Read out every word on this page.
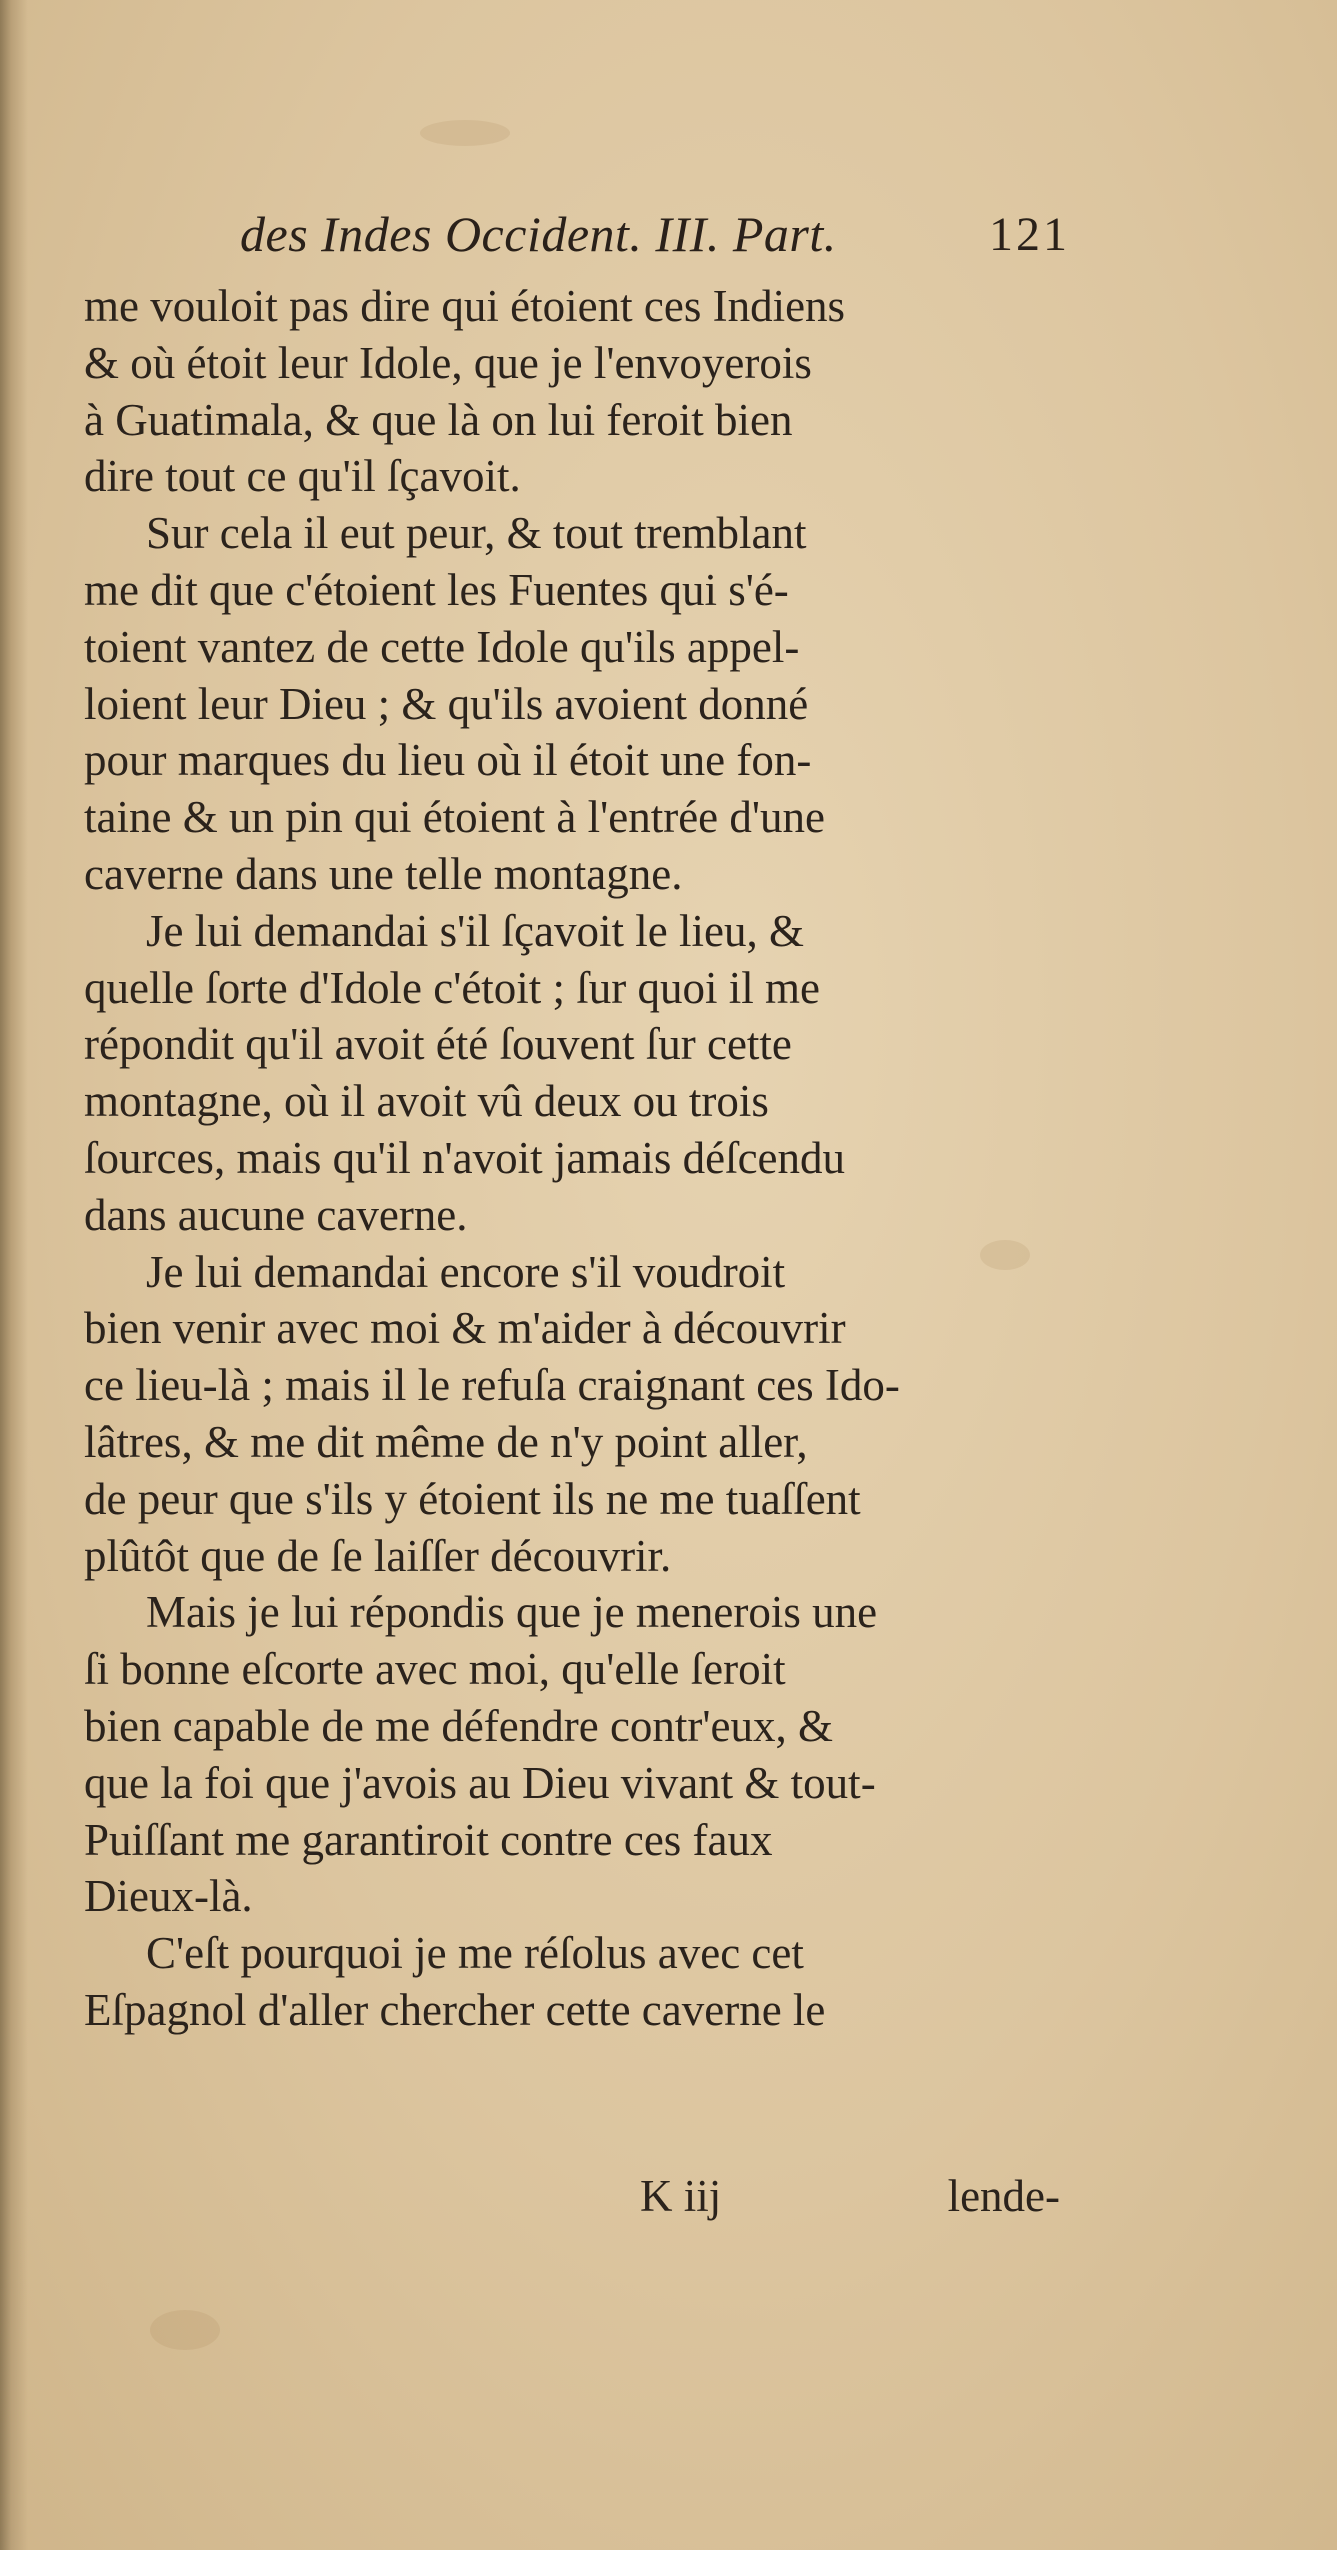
des Indes Occident. III. Part.	121
me vouloit pas dire qui étoient ces Indiens
& où étoit leur Idole, que je l'envoyerois
à Guatimala, & que là on lui feroit bien
dire tout ce qu'il ſçavoit.
Sur cela il eut peur, & tout tremblant
me dit que c'étoient les Fuentes qui s'é-
toient vantez de cette Idole qu'ils appel-
loient leur Dieu ; & qu'ils avoient donné
pour marques du lieu où il étoit une fon-
taine & un pin qui étoient à l'entrée d'une
caverne dans une telle montagne.
Je lui demandai s'il ſçavoit le lieu, &
quelle ſorte d'Idole c'étoit ; ſur quoi il me
répondit qu'il avoit été ſouvent ſur cette
montagne, où il avoit vû deux ou trois
ſources, mais qu'il n'avoit jamais déſcendu
dans aucune caverne.
Je lui demandai encore s'il voudroit
bien venir avec moi & m'aider à découvrir
ce lieu-là ; mais il le refuſa craignant ces Ido-
lâtres, & me dit même de n'y point aller,
de peur que s'ils y étoient ils ne me tuaſſent
plûtôt que de ſe laiſſer découvrir.
Mais je lui répondis que je menerois une
ſi bonne eſcorte avec moi, qu'elle ſeroit
bien capable de me défendre contr'eux, &
que la foi que j'avois au Dieu vivant & tout-
Puiſſant me garantiroit contre ces faux
Dieux-là.
C'eſt pourquoi je me réſolus avec cet
Eſpagnol d'aller chercher cette caverne le
K iij	lende-
